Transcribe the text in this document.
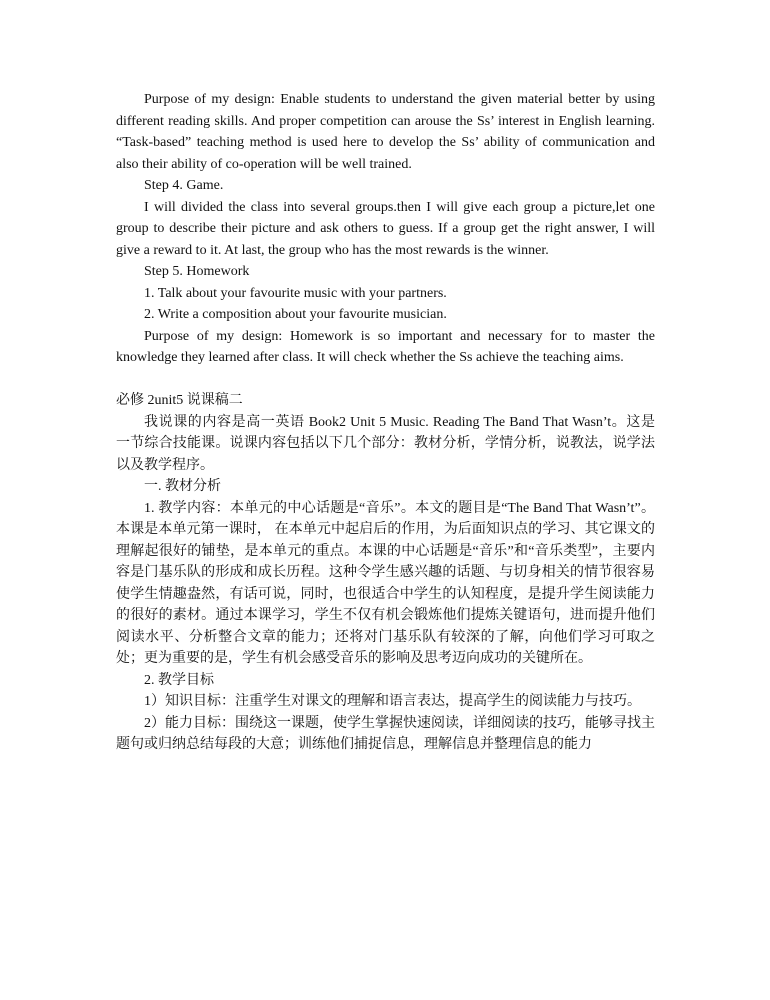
Purpose of my design: Enable students to understand the given material better by using different reading skills. And proper competition can arouse the Ss’ interest in English learning. “Task-based” teaching method is used here to develop the Ss’ ability of communication and also their ability of co-operation will be well trained.

Step 4. Game.

I will divided the class into several groups.then I will give each group a picture,let one group to describe their picture and ask others to guess. If a group get the right answer, I will give a reward to it. At last, the group who has the most rewards is the winner.

Step 5. Homework

1. Talk about your favourite music with your partners.

2. Write a composition about your favourite musician.

Purpose of my design: Homework is so important and necessary for to master the knowledge they learned after class. It will check whether the Ss achieve the teaching aims.

必修 2unit5 说课稿二

我说课的内容是高一英语 Book2 Unit 5 Music. Reading The Band That Wasn’t。这是一节综合技能课。说课内容包括以下几个部分：教材分析，学情分析，说教法，说学法以及教学程序。

一. 教材分析

1. 教学内容：本单元的中心话题是“音乐”。本文的题目是“The Band That Wasn’t”。本课是本单元第一课时， 在本单元中起启后的作用，为后面知识点的学习、其它课文的理解起很好的铺垫，是本单元的重点。本课的中心话题是“音乐”和“音乐类型”，主要内容是门基乐队的形成和成长历程。这种令学生感兴趣的话题、与切身相关的情节很容易使学生情趣盎然，有话可说，同时，也很适合中学生的认知程度，是提升学生阅读能力的很好的素材。通过本课学习，学生不仅有机会锻炼他们提炼关键语句，进而提升他们阅读水平、分析整合文章的能力；还将对门基乐队有较深的了解，向他们学习可取之处；更为重要的是，学生有机会感受音乐的影响及思考迈向成功的关键所在。

2. 教学目标

1）知识目标：注重学生对课文的理解和语言表达，提高学生的阅读能力与技巧。

2）能力目标：围绕这一课题，使学生掌握快速阅读，详细阅读的技巧，能够寻找主题句或归纳总结每段的大意；训练他们捕捉信息，理解信息并整理信息的能力
